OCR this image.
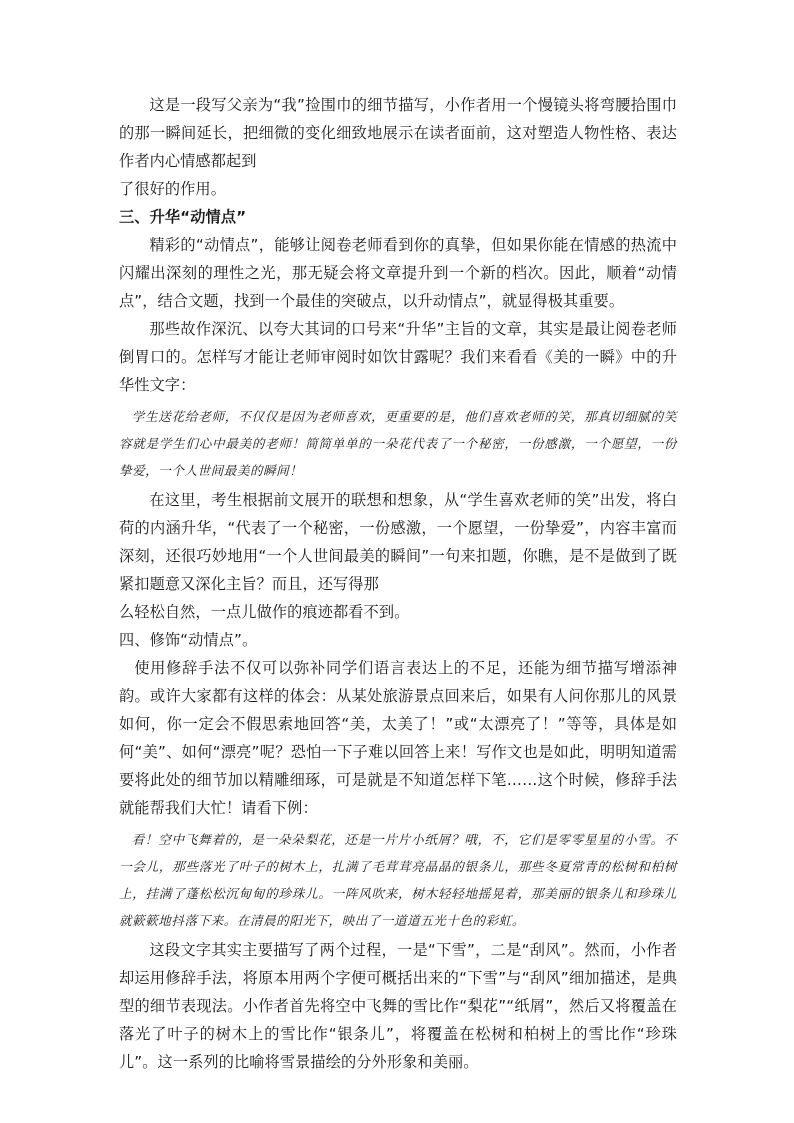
这是一段写父亲为“我”捡围巾的细节描写，小作者用一个慢镜头将弯腰拾围巾的那一瞬间延长，把细微的变化细致地展示在读者面前，这对塑造人物性格、表达作者内心情感都起到

了很好的作用。

三、升华“动情点”

精彩的“动情点”，能够让阅卷老师看到你的真挚，但如果你能在情感的热流中闪耀出深刻的理性之光，那无疑会将文章提升到一个新的档次。因此，顺着“动情点”，结合文题，找到一个最佳的突破点，以升动情点”，就显得极其重要。

那些故作深沉、以夸大其词的口号来“升华”主旨的文章，其实是最让阅卷老师倒胃口的。怎样写才能让老师审阅时如饮甘露呢？我们来看看《美的一瞬》中的升华性文字：

学生送花给老师，不仅仅是因为老师喜欢，更重要的是，他们喜欢老师的笑，那真切细腻的笑容就是学生们心中最美的老师！简简单单的一朵花代表了一个秘密，一份感激，一个愿望，一份挚爱，一个人世间最美的瞬间！

在这里，考生根据前文展开的联想和想象，从“学生喜欢老师的笑”出发，将白荷的内涵升华，“代表了一个秘密，一份感激，一个愿望，一份挚爱”，内容丰富而深刻，还很巧妙地用“一个人世间最美的瞬间”一句来扣题，你瞧，是不是做到了既紧扣题意又深化主旨？而且，还写得那

么轻松自然，一点儿做作的痕迹都看不到。

四、修饰“动情点”。

使用修辞手法不仅可以弥补同学们语言表达上的不足，还能为细节描写增添神韵。或许大家都有这样的体会：从某处旅游景点回来后，如果有人问你那儿的风景如何，你一定会不假思索地回答“美，太美了！”或“太漂亮了！”等等，具体是如何“美”、如何“漂亮”呢？恐怕一下子难以回答上来！写作文也是如此，明明知道需要将此处的细节加以精雕细琢，可是就是不知道怎样下笔……这个时候，修辞手法就能帮我们大忙！请看下例：

看！空中飞舞着的，是一朵朵梨花，还是一片片小纸屑？哦，不，它们是零零星星的小雪。不一会儿，那些落光了叶子的树木上，扎满了毛茸茸亮晶晶的银条儿，那些冬夏常青的松树和柏树上，挂满了蓬松松沉甸甸的珍珠儿。一阵风吹来，树木轻轻地摇晃着，那美丽的银条儿和珍珠儿就簌簌地抖落下来。在清晨的阳光下，映出了一道道五光十色的彩虹。

这段文字其实主要描写了两个过程，一是“下雪”，二是“刮风”。然而，小作者却运用修辞手法，将原本用两个字便可概括出来的“下雪”与“刮风”细加描述，是典型的细节表现法。小作者首先将空中飞舞的雪比作“梨花”“纸屑”，然后又将覆盖在落光了叶子的树木上的雪比作“银条儿”，将覆盖在松树和柏树上的雪比作“珍珠儿”。这一系列的比喻将雪景描绘的分外形象和美丽。
